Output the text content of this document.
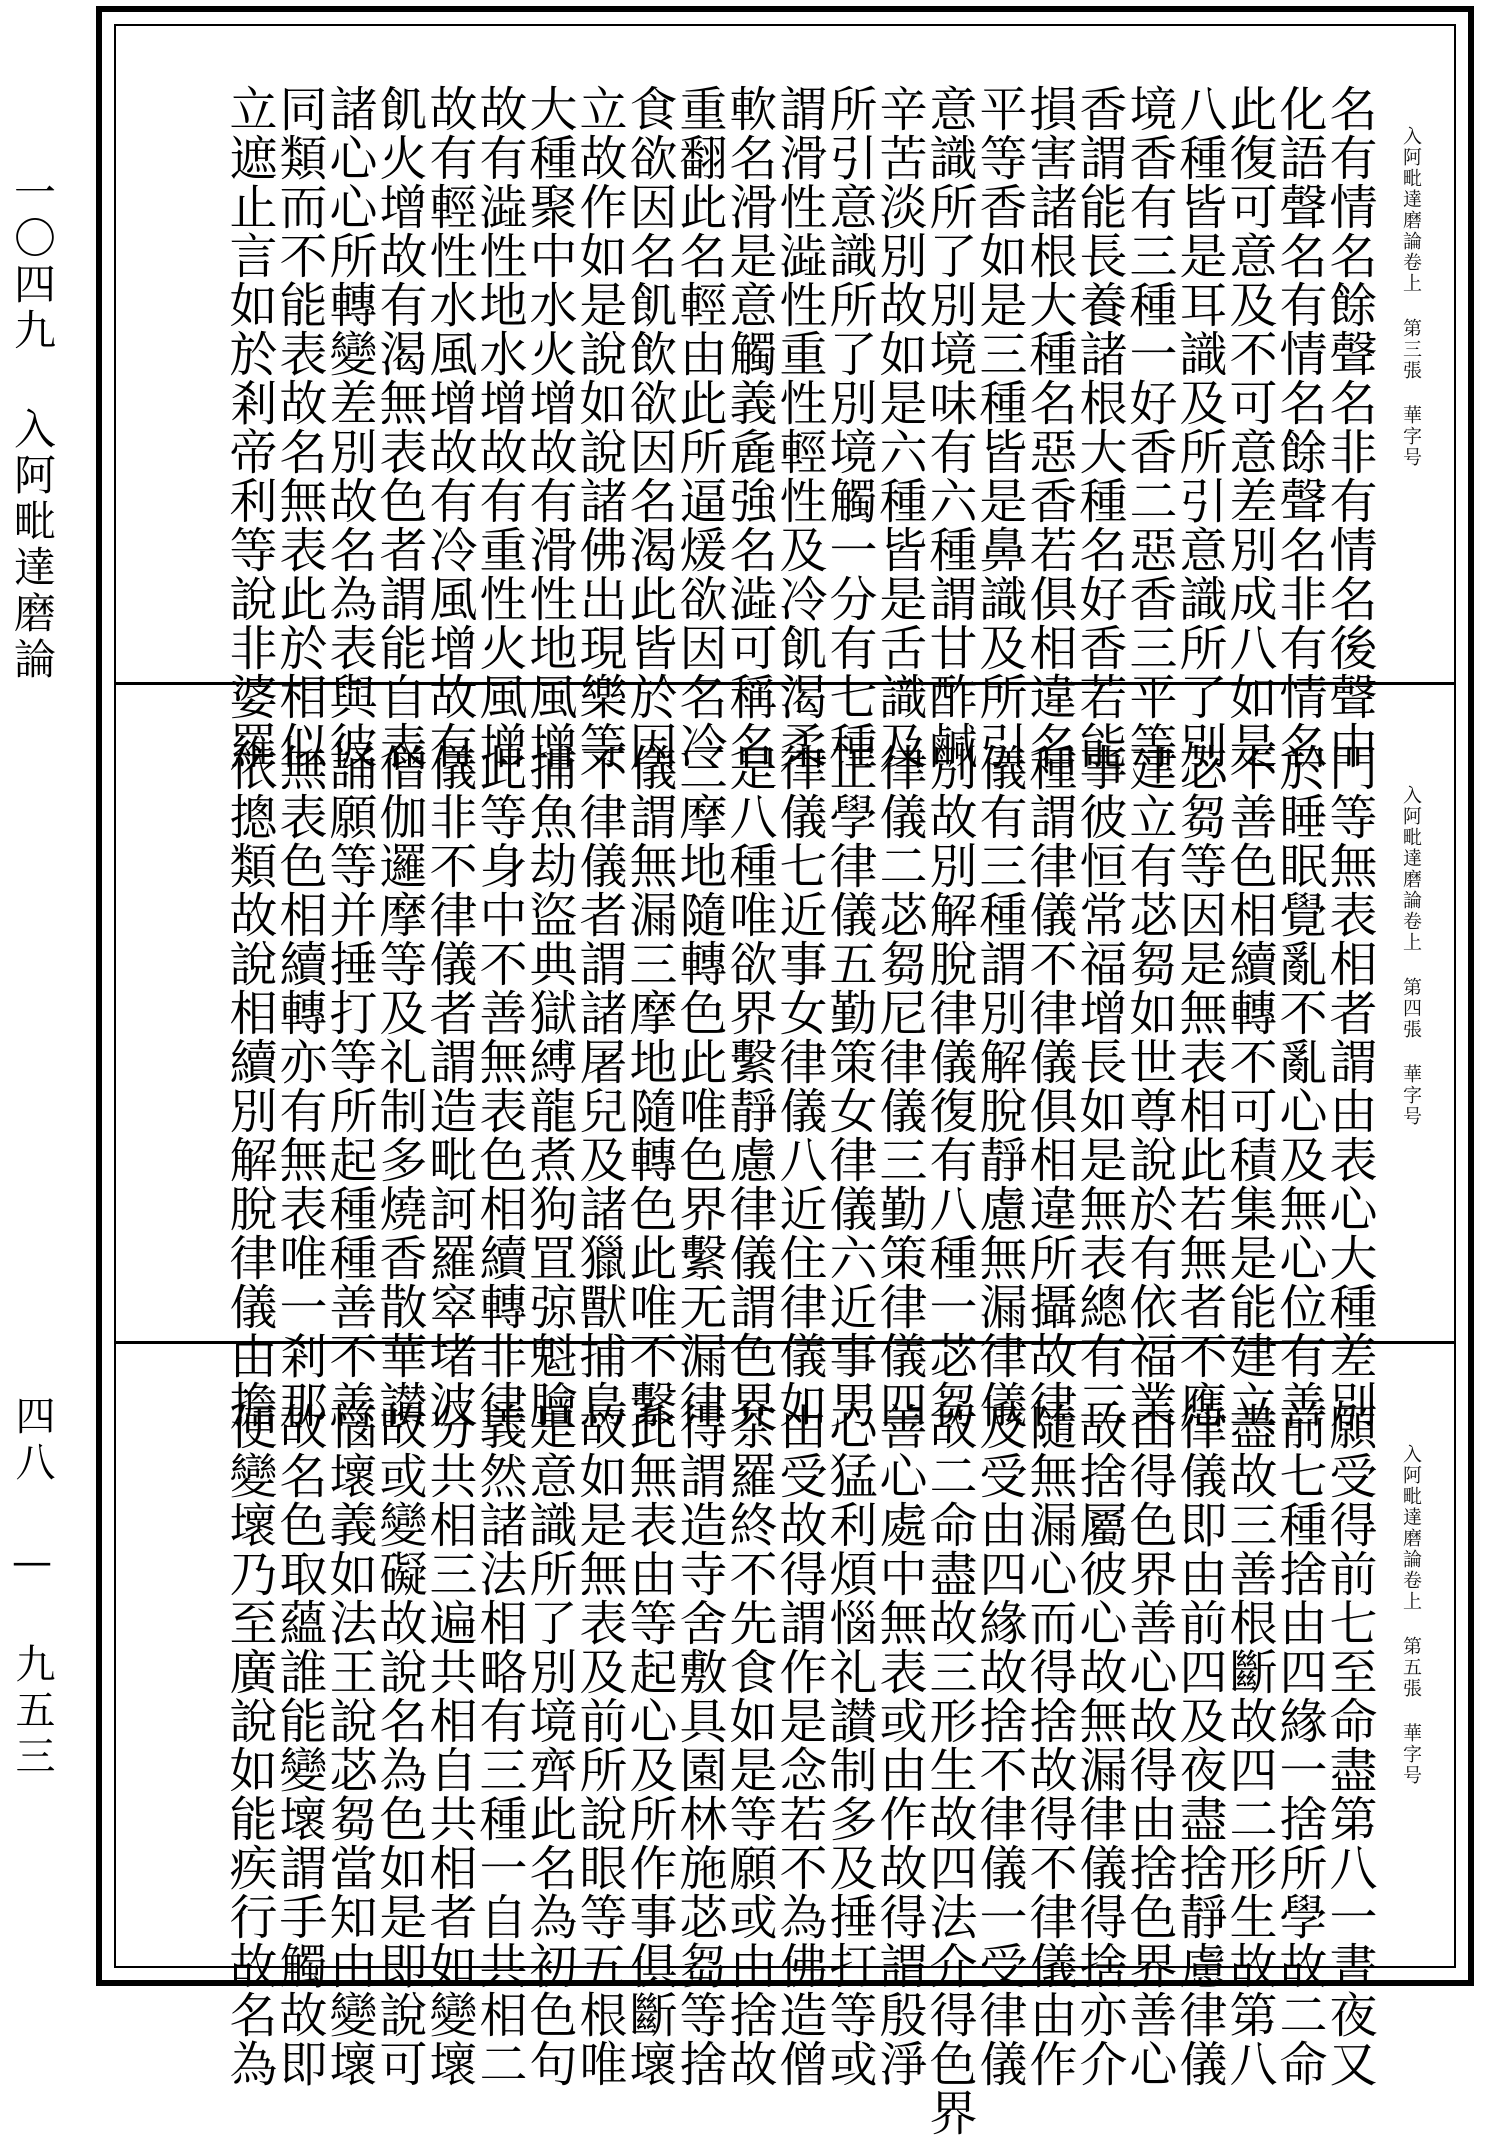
一〇四九 入阿毗達磨論
四八 — 九五三
入阿毗達磨論卷上 第三張 華字号
名有情名餘聲名非有情名後聲中
化語聲名有情名餘聲名非有情名
此復可意及不可意差別成八如是
八種皆是耳識及所引意識所了別
境香有三種一好香二惡香三平等
香謂能長養諸根大種名好香若能
損害諸根大種名惡香若俱相違名
平等香如是三種皆是鼻識及所引
意識所了別境味有六種謂甘酢鹹
辛苦淡別故如是六種皆是舌識及
所引意識所了別境觸一分有七種
謂滑性澁性重性輕性及冷飢渴柔
軟名滑是意觸義麁強名澁可稱名
重翻此名輕由此所逼煖欲因名冷
食欲因名飢飲欲因名渴此皆於因
立故作如是說如說諸佛出現樂等
大種聚中水火增故有滑性地風增
故有澁性地水增故有重性火風增
故有輕性水風增故有冷風增故有
飢火增故有渴無表色者謂能自表
諸心心所轉變差別故名為表與彼
同類而不能表故名無表此於相似
立遮止言如於剎帝利等說非婆羅
入阿毗達磨論卷上 第四張 華字号
門等無表相者謂由表心大種差別
於睡眠覺亂不亂心及無心位有善
不善色相續轉不可積集是能建立
苾芻等因是無表相此若無者不應
建立有苾芻如世尊說於有依福業
事彼恒常福增長如是無表總有三
種謂律儀不律儀俱相違所攝故律
儀有三種謂別解脫靜慮無漏律儀
別故別解脫律儀復有八種一苾芻
律儀二苾芻尼律儀三勤策律儀四
正學律儀五勤策女律儀六近事男
律儀七近事女律儀八近住律儀如
是八種唯欲界繫靜慮律儀謂色界
三摩地隨轉色此唯色界繫无漏律
儀謂無漏三摩地隨轉色此唯不繫
不律儀者謂諸屠兒及諸獵獸捕鳥
捕魚劫盜典獄縛龍煮狗罝弶魁膾
此等身中不善無表色相續轉非律
儀非不律儀者謂造毗訶羅窣堵波
僧伽邏摩等及礼制多燒香散華讃
誦願等并捶打等所起種種善不善
無表色相續轉亦有無表唯一剎那
依摠類故說相續別解脫律儀由擔
入阿毗達磨論卷上 第五張 華字号
願受得前七至命盡第八一晝夜又
前七種捨由四緣一捨所學故二命
盡故三善根斷故四二形生故第八
律儀即由前四及夜盡捨靜慮律儀
由得色界善心故得由捨色界善心
故捨屬彼心故無漏律儀得捨亦介
隨無漏心而得捨故得不律儀由作
及受由四緣故捨不律儀一受律儀
故二命盡故三形生故四法介得色界
善心處中無表或由作故得謂殷淨
心猛利煩惱礼讃制多及捶打等或
由受故得謂作是念若不為佛造僧
茶羅終不先食如是等願或由捨故
得謂造寺舍敷具園林施苾芻等捨
此無表由等起心及所作事俱斷壞
故如是無表及前所說眼等五根唯
是意識所了別境齊此名為初色句
義然諸法相略有三種一自共相二
分共相三遍共相自共相者如變壞
故或變礙故說名為色如是即說可
惱壞義如法王說苾芻當知由變壞
故名色取蘊誰能變壞謂手觸故即
便變壞乃至廣說如能疾行故名為
